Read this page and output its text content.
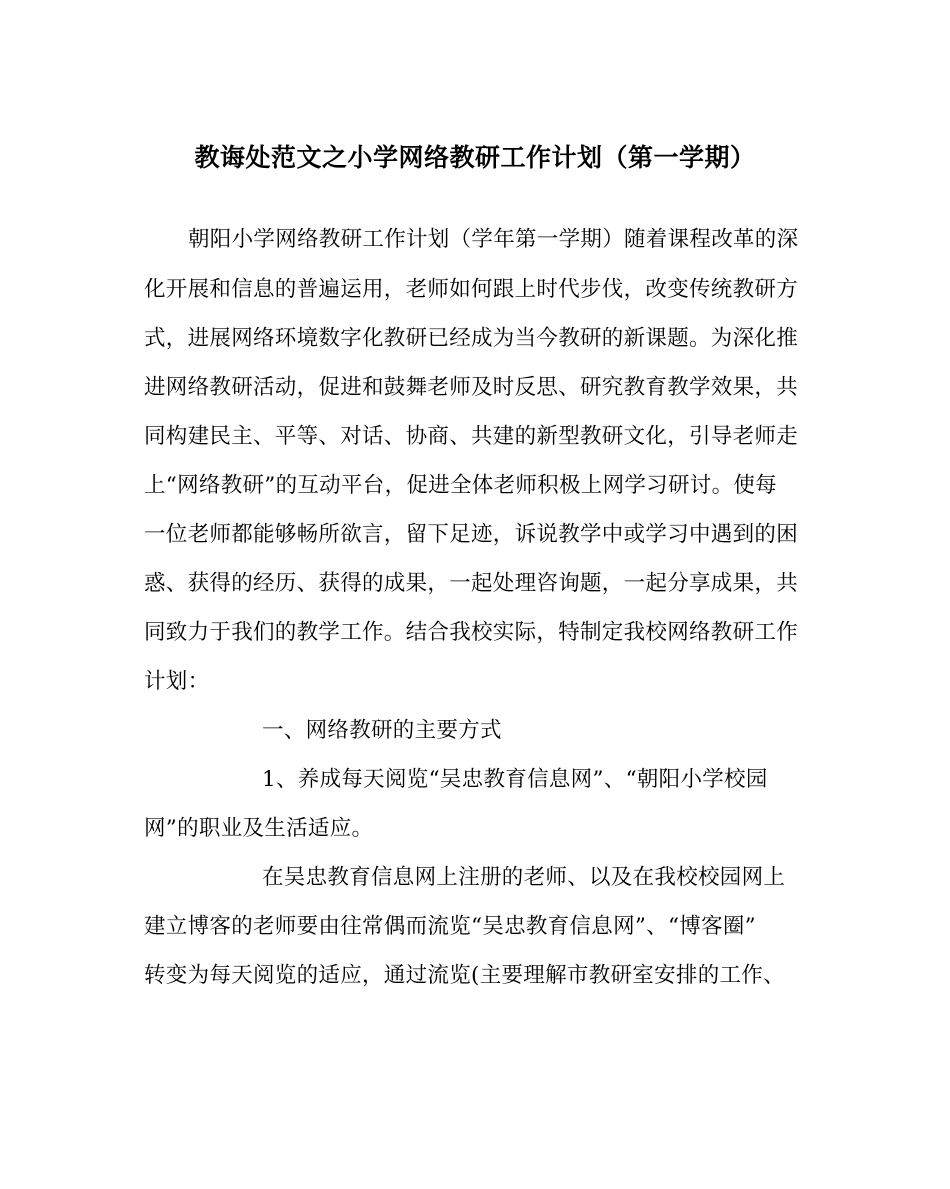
教诲处范文之小学网络教研工作计划（第一学期）
朝阳小学网络教研工作计划（学年第一学期）随着课程改革的深
化开展和信息的普遍运用，老师如何跟上时代步伐，改变传统教研方
式，进展网络环境数字化教研已经成为当今教研的新课题。为深化推
进网络教研活动，促进和鼓舞老师及时反思、研究教育教学效果，共
同构建民主、平等、对话、协商、共建的新型教研文化，引导老师走
上“网络教研”的互动平台，促进全体老师积极上网学习研讨。使每
一位老师都能够畅所欲言，留下足迹，诉说教学中或学习中遇到的困
惑、获得的经历、获得的成果，一起处理咨询题，一起分享成果，共
同致力于我们的教学工作。结合我校实际，特制定我校网络教研工作
计划：
一、网络教研的主要方式
1、养成每天阅览“吴忠教育信息网”、“朝阳小学校园
网”的职业及生活适应。
在吴忠教育信息网上注册的老师、以及在我校校园网上
建立博客的老师要由往常偶而流览“吴忠教育信息网”、“博客圈”
转变为每天阅览的适应，通过流览(主要理解市教研室安排的工作、
